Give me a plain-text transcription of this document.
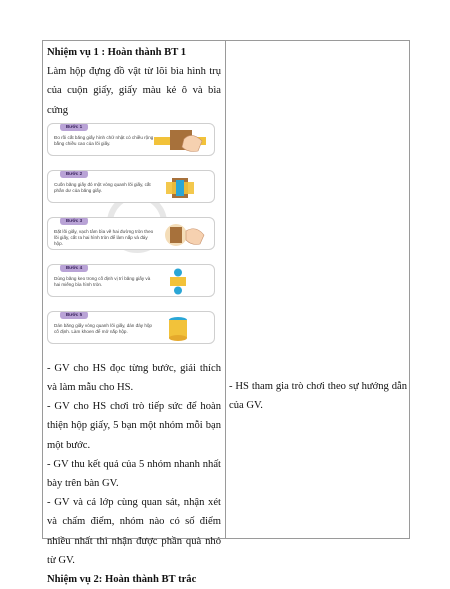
Nhiệm vụ 1 : Hoàn thành BT 1

Làm hộp đựng đồ vật từ lõi bìa hình trụ của cuộn giấy, giấy màu kẻ ô và bìa cứng

Bước 1
Đo rồi cắt băng giấy hình chữ nhật có chiều rộng bằng chiều cao của lõi giấy.
Bước 2
Cuốn băng giấy đó một vòng quanh lõi giấy, cắt phần dư của băng giấy.
Bước 3
Đặt lõi giấy, vạch tâm bìa vẽ hai đường tròn theo lõi giấy, cắt ra hai hình tròn để làm nắp và đáy hộp.
Bước 4
Dùng băng keo trong cố định vị trí băng giấy và hai miếng bìa hình tròn.
Bước 5
Dán băng giấy vòng quanh lõi giấy, dán đáy hộp cố định. Làm khoen để mở nắp hộp.

- GV cho HS đọc từng bước, giải thích và làm mẫu cho HS.

- GV cho HS chơi trò tiếp sức để hoàn thiện hộp giấy, 5 bạn một nhóm mỗi bạn một bước.

- GV thu kết quả của 5 nhóm nhanh nhất bày trên bàn GV.

- GV và cả lớp cùng quan sát, nhận xét và chấm điểm, nhóm nào có số điểm nhiều nhất thì nhận được phần quà nhỏ từ GV.

Nhiệm vụ 2: Hoàn thành BT trắc

- HS tham gia trò chơi theo sự hướng dẫn của GV.
